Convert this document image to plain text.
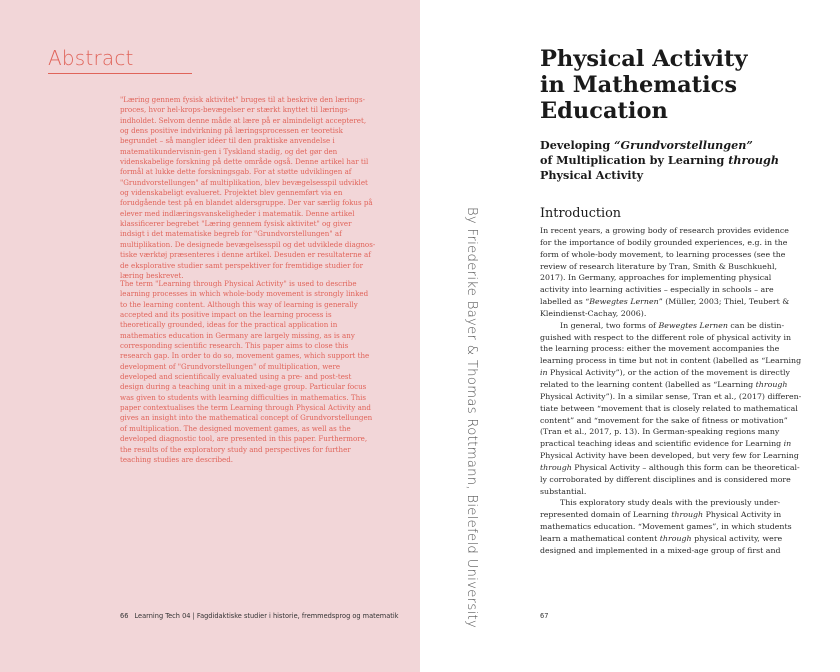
Abstract

"Læring gennem fysisk aktivitet" bruges til at beskrive den lærings-proces, hvor hel-krops-bevægelser er stærkt knyttet til lærings-indholdet. Selvom denne måde at lære på er almindeligt accepteret, og dens positive indvirkning på læringsprocessen er teoretisk begrundet – så mangler idéer til den praktiske anvendelse i matematikundervisnin-gen i Tyskland stadig, og det gør den videnskabelige forskning på dette område også. Denne artikel har til formål at lukke dette forskningsgab. For at støtte udviklingen af "Grundvorstellungen" af multiplikation, blev bevægelsesspil udviklet og videnskabeligt evalueret. Projektet blev gennemført via en forudgående test på en blandet aldersgruppe. Der var særlig fokus på elever med indlæringsvanskeligheder i matematik. Denne artikel klassificerer begrebet "Læring gennem fysisk aktivitet" og giver indsigt i det matematiske begreb for "Grundvorstellungen" af multiplikation. De designede bevægelsesspil og det udviklede diagnos-tiske værktøj præsenteres i denne artikel. Desuden er resultaterne af de eksplorative studier samt perspektiver for fremtidige studier for læring beskrevet.

The term "Learning through Physical Activity" is used to describe learning processes in which whole-body movement is strongly linked to the learning content. Although this way of learning is generally accepted and its positive impact on the learning process is theoretically grounded, ideas for the practical application in mathematics education in Germany are largely missing, as is any corresponding scientific research. This paper aims to close this research gap. In order to do so, movement games, which support the development of "Grundvorstellungen" of multiplication, were developed and scientifically evaluated using a pre- and post-test design during a teaching unit in a mixed-age group. Particular focus was given to students with learning difficulties in mathematics. This paper contextualises the term Learning through Physical Activity and gives an insight into the mathematical concept of Grundvorstellungen of multiplication. The designed movement games, as well as the developed diagnostic tool, are presented in this paper. Furthermore, the results of the exploratory study and perspectives for further teaching studies are described.

66 Learning Tech 04 | Fagdidaktiske studier i historie, fremmedsprog og matematik	By Friederike Bayer & Thomas Rottmann, Bielefeld University
Physical Activity
in Mathematics
Education
Developing “Grundvorstellungen”
of Multiplication by Learning through
Physical Activity
Introduction

In recent years, a growing body of research provides evidence for the importance of bodily grounded experiences, e.g. in the form of whole-body movement, to learning processes (see the review of research literature by Tran, Smith & Buschkuehl, 2017). In Germany, approaches for implementing physical activity into learning activities – especially in schools – are labelled as “Bewegtes Lernen” (Müller, 2003; Thiel, Teubert & Kleindienst-Cachay, 2006).

In general, two forms of Bewegtes Lernen can be distin-guished with respect to the different role of physical activity in the learning process: either the movement accompanies the learning process in time but not in content (labelled as “Learning in Physical Activity”), or the action of the movement is directly related to the learning content (labelled as “Learning through Physical Activity”). In a similar sense, Tran et al., (2017) differen-tiate between “movement that is closely related to mathematical content” and “movement for the sake of fitness or motivation” (Tran et al., 2017, p. 13). In German-speaking regions many practical teaching ideas and scientific evidence for Learning in Physical Activity have been developed, but very few for Learning through Physical Activity – although this form can be theoretical-ly corroborated by different disciplines and is considered more substantial.

This exploratory study deals with the previously under-represented domain of Learning through Physical Activity in mathematics education. “Movement games”, in which students learn a mathematical content through physical activity, were designed and implemented in a mixed-age group of first and

67
